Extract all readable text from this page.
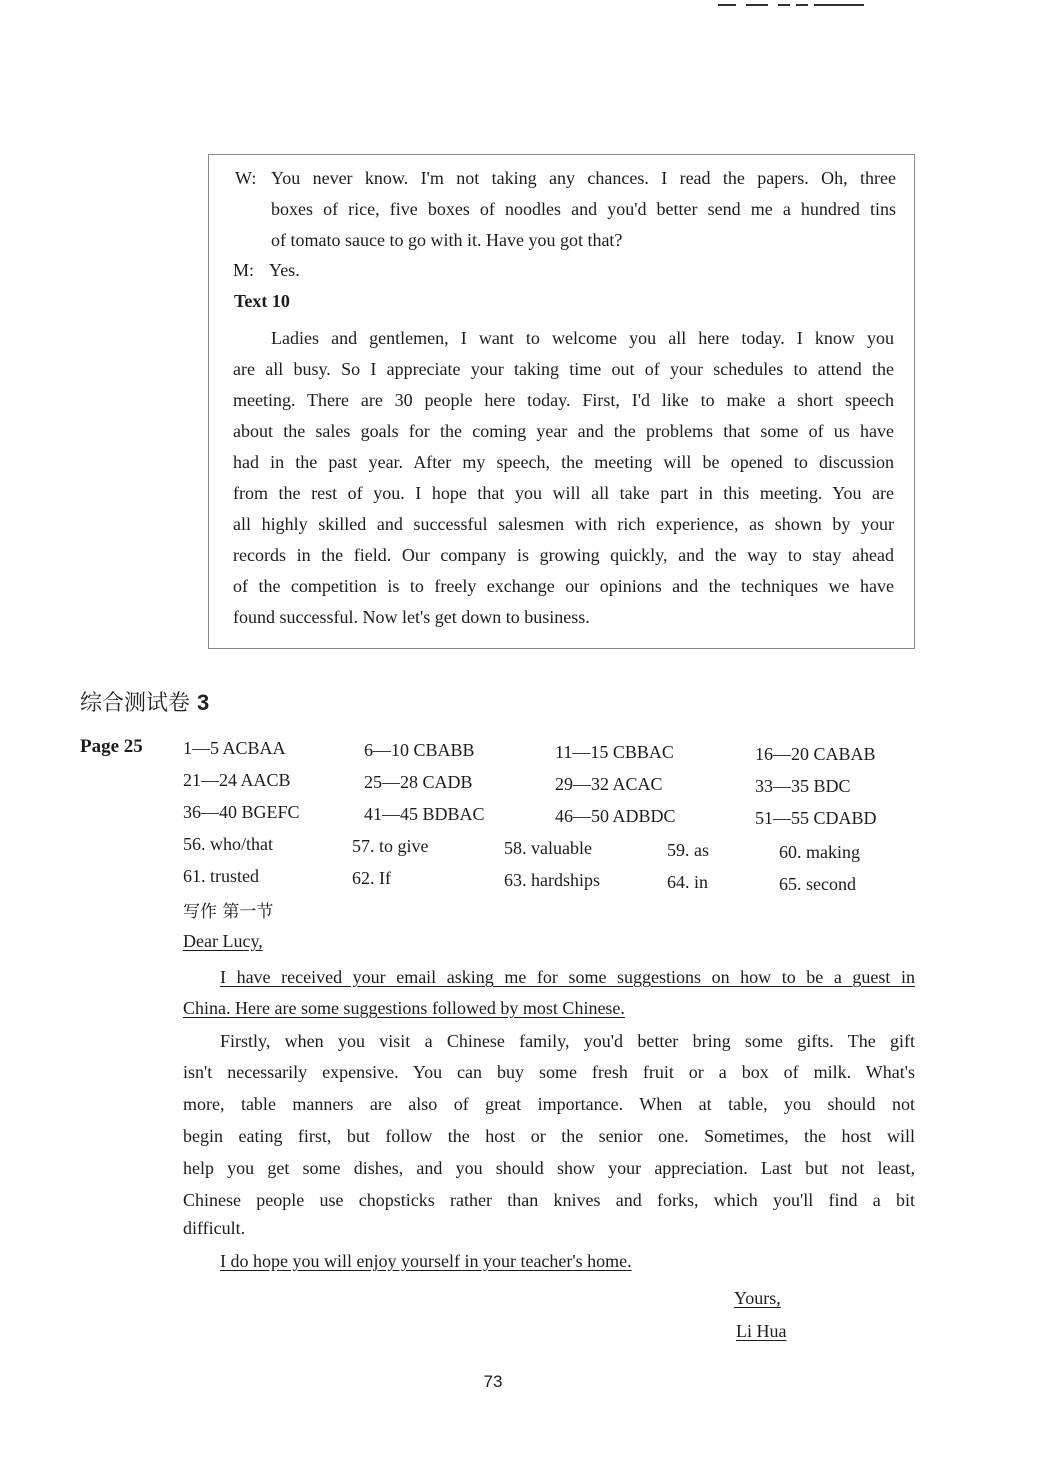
W: You never know. I'm not taking any chances. I read the papers. Oh, three
boxes of rice, five boxes of noodles and you'd better send me a hundred tins
of tomato sauce to go with it. Have you got that?
M: Yes.
Text 10
Ladies and gentlemen, I want to welcome you all here today. I know you
are all busy. So I appreciate your taking time out of your schedules to attend the
meeting. There are 30 people here today. First, I'd like to make a short speech
about the sales goals for the coming year and the problems that some of us have
had in the past year. After my speech, the meeting will be opened to discussion
from the rest of you. I hope that you will all take part in this meeting. You are
all highly skilled and successful salesmen with rich experience, as shown by your
records in the field. Our company is growing quickly, and the way to stay ahead
of the competition is to freely exchange our opinions and the techniques we have
found successful. Now let's get down to business.
综合测试卷 3
Page 25 1—5 ACBAA	6—10 CBABB	11—15 CBBAC	16—20 CABAB
21—24 AACB	25—28 CADB	29—32 ACAC	33—35 BDC
36—40 BGEFC	41—45 BDBAC	46—50 ADBDC	51—55 CDABD
56. who/that	57. to give	58. valuable	59. as	60. making
61. trusted	62. If	63. hardships	64. in	65. second
写作 第一节
Dear Lucy,
I have received your email asking me for some suggestions on how to be a guest in
China. Here are some suggestions followed by most Chinese.
Firstly, when you visit a Chinese family, you'd better bring some gifts. The gift
isn't necessarily expensive. You can buy some fresh fruit or a box of milk. What's
more, table manners are also of great importance. When at table, you should not
begin eating first, but follow the host or the senior one. Sometimes, the host will
help you get some dishes, and you should show your appreciation. Last but not least,
Chinese people use chopsticks rather than knives and forks, which you'll find a bit
difficult.
I do hope you will enjoy yourself in your teacher's home.
Yours,
Li Hua
73
